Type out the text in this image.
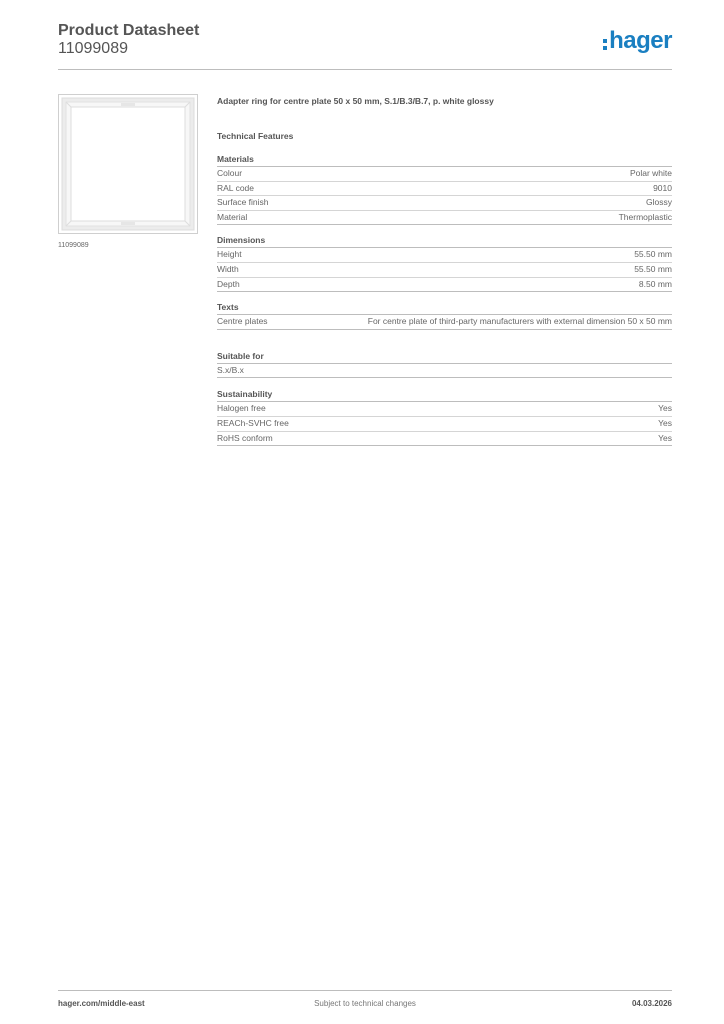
Product Datasheet
11099089	hager
11099089
Adapter ring for centre plate 50 x 50 mm, S.1/B.3/B.7, p. white glossy
Technical Features
Materials
Colour	Polar white
RAL code	9010
Surface finish	Glossy
Material	Thermoplastic
Dimensions
Height	55.50 mm
Width	55.50 mm
Depth	8.50 mm
Texts
Centre plates	For centre plate of third-party manufacturers with external dimension 50 x 50 mm
Suitable for
S.x/B.x
Sustainability
Halogen free	Yes
REACh-SVHC free	Yes
RoHS conform	Yes
hager.com/middle-east	Subject to technical changes	04.03.2026
